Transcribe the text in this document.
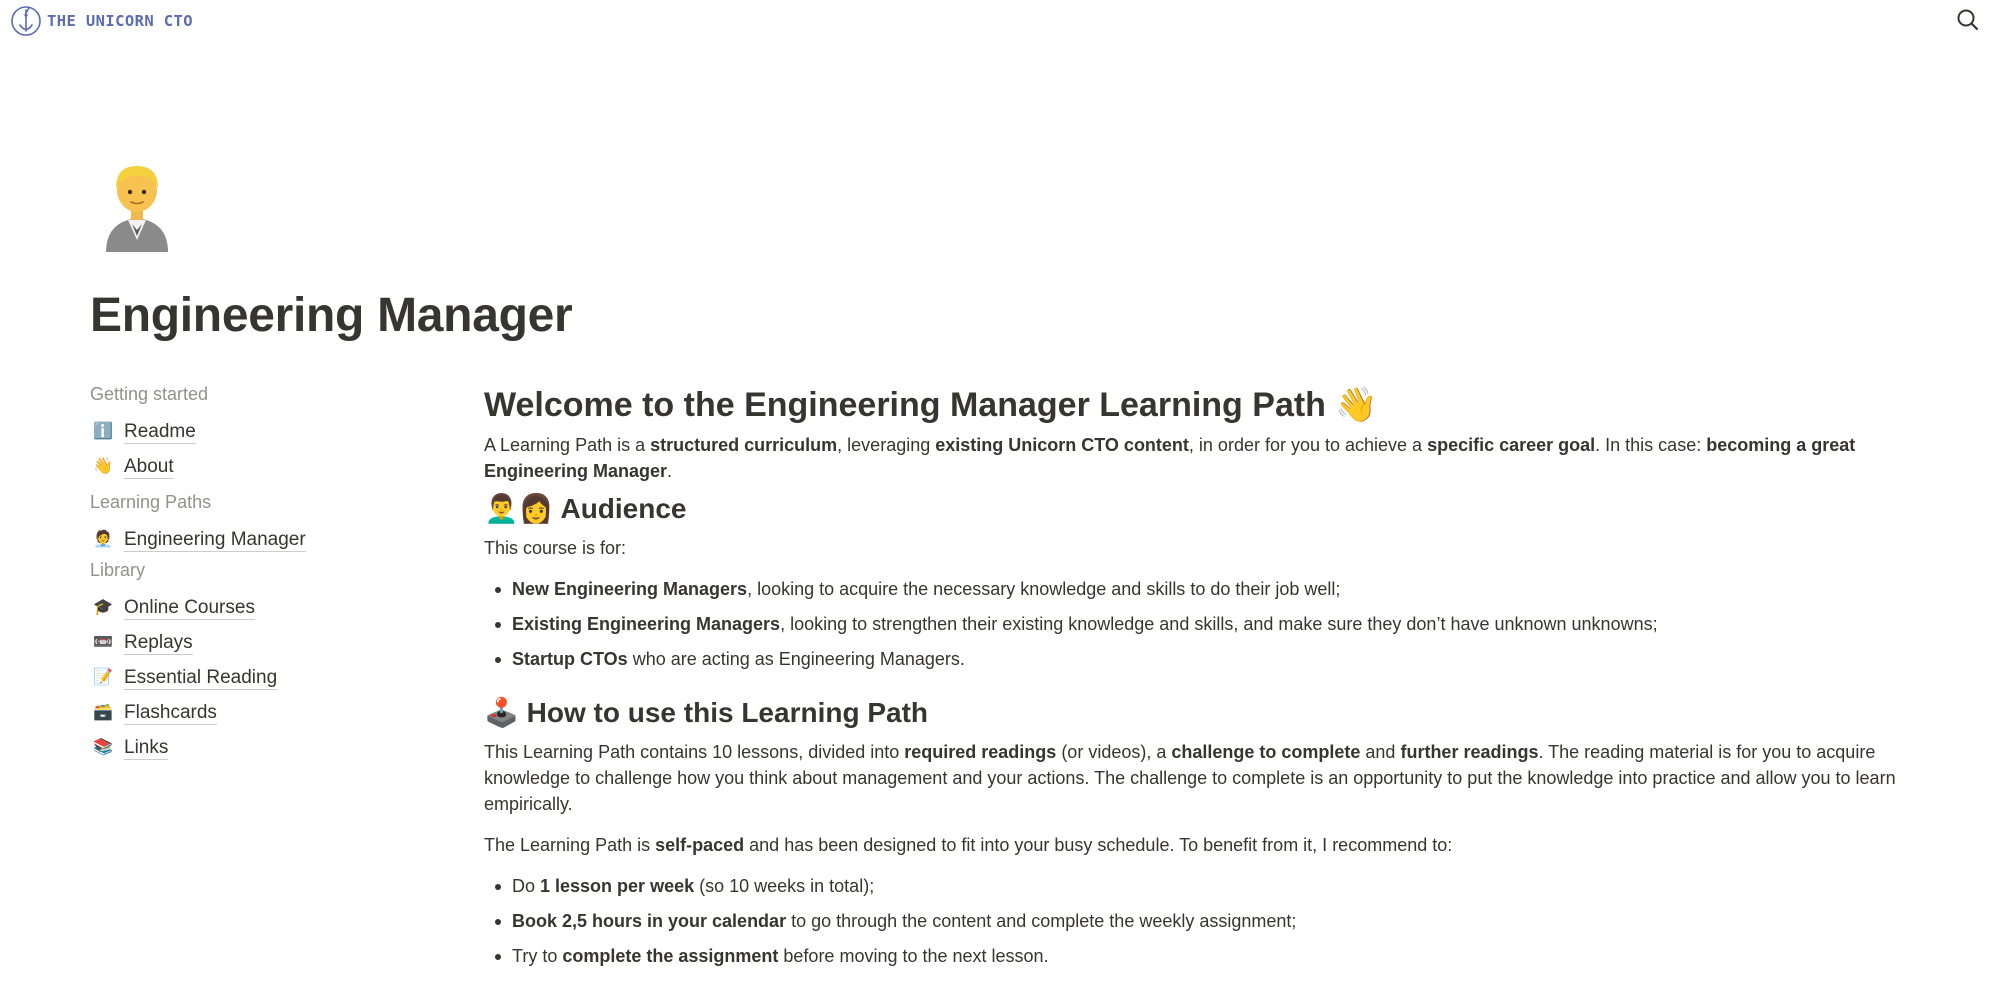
THE UNICORN CTO
Engineering Manager
Getting started
ℹ️ Readme
👋 About
Learning Paths
🧑‍💼 Engineering Manager
Library
🎓 Online Courses
📼 Replays
📝 Essential Reading
🗃️ Flashcards
📚 Links
Welcome to the Engineering Manager Learning Path 👋

A Learning Path is a structured curriculum, leveraging existing Unicorn CTO content, in order for you to achieve a specific career goal. In this case: becoming a great Engineering Manager.

👨‍🦱👩 Audience

This course is for:

New Engineering Managers, looking to acquire the necessary knowledge and skills to do their job well;
Existing Engineering Managers, looking to strengthen their existing knowledge and skills, and make sure they don’t have unknown unknowns;
Startup CTOs who are acting as Engineering Managers.
🕹️ How to use this Learning Path

This Learning Path contains 10 lessons, divided into required readings (or videos), a challenge to complete and further readings. The reading material is for you to acquire knowledge to challenge how you think about management and your actions. The challenge to complete is an opportunity to put the knowledge into practice and allow you to learn empirically.

The Learning Path is self-paced and has been designed to fit into your busy schedule. To benefit from it, I recommend to:

Do 1 lesson per week (so 10 weeks in total);
Book 2,5 hours in your calendar to go through the content and complete the weekly assignment;
Try to complete the assignment before moving to the next lesson.
